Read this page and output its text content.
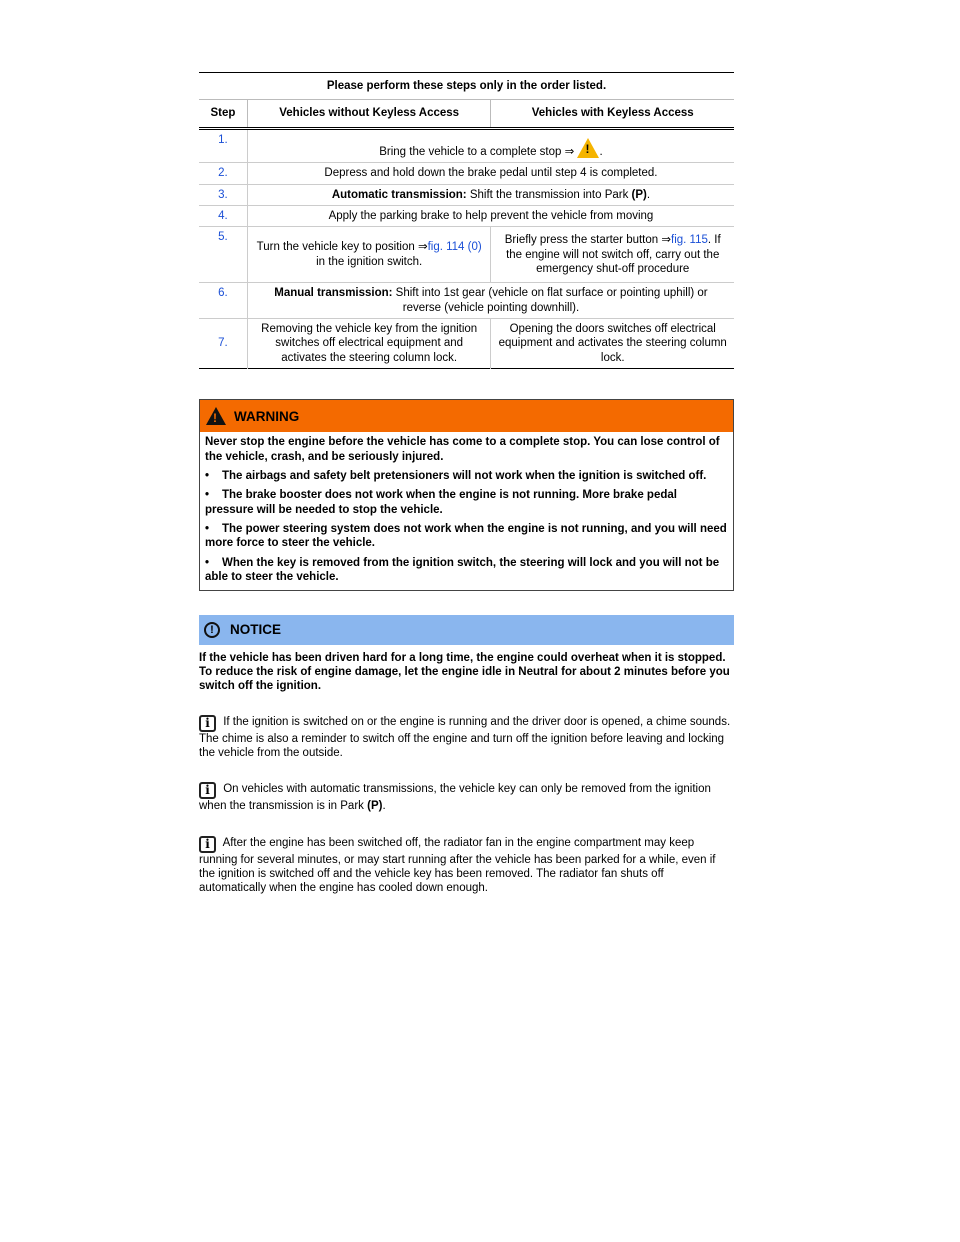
Please perform these steps only in the order listed.		
Step	Vehicles without Keyless Access	Vehicles with Keyless Access
1.	Bring the vehicle to a complete stop ⇒ ! .
2.	Depress and hold down the brake pedal until step 4 is completed.	
3.	Automatic transmission: Shift the transmission into Park (P).	
4.	Apply the parking brake to help prevent the vehicle from moving	
5.	Turn the vehicle key to position ⇒fig. 114 (0) in the ignition switch.	Briefly press the starter button ⇒fig. 115. If the engine will not switch off, carry out the emergency shut-off procedure
6.	Manual transmission: Shift into 1st gear (vehicle on flat surface or pointing uphill) or reverse (vehicle pointing downhill).	
7.	Removing the vehicle key from the ignition switches off electrical equipment and activates the steering column lock.	Opening the doors switches off electrical equipment and activates the steering column lock.
!
WARNING

Never stop the engine before the vehicle has come to a complete stop. You can lose control of the vehicle, crash, and be seriously injured.

• The airbags and safety belt pretensioners will not work when the ignition is switched off.

• The brake booster does not work when the engine is not running. More brake pedal pressure will be needed to stop the vehicle.

• The power steering system does not work when the engine is not running, and you will need more force to steer the vehicle.

• When the key is removed from the ignition switch, the steering will lock and you will not be able to steer the vehicle.

!	NOTICE
If the vehicle has been driven hard for a long time, the engine could overheat when it is stopped. To reduce the risk of engine damage, let the engine idle in Neutral for about 2 minutes before you switch off the ignition.
i If the ignition is switched on or the engine is running and the driver door is opened, a chime sounds. The chime is also a reminder to switch off the engine and turn off the ignition before leaving and locking the vehicle from the outside.
i On vehicles with automatic transmissions, the vehicle key can only be removed from the ignition when the transmission is in Park (P).
i After the engine has been switched off, the radiator fan in the engine compartment may keep running for several minutes, or may start running after the vehicle has been parked for a while, even if the ignition is switched off and the vehicle key has been removed. The radiator fan shuts off automatically when the engine has cooled down enough.
